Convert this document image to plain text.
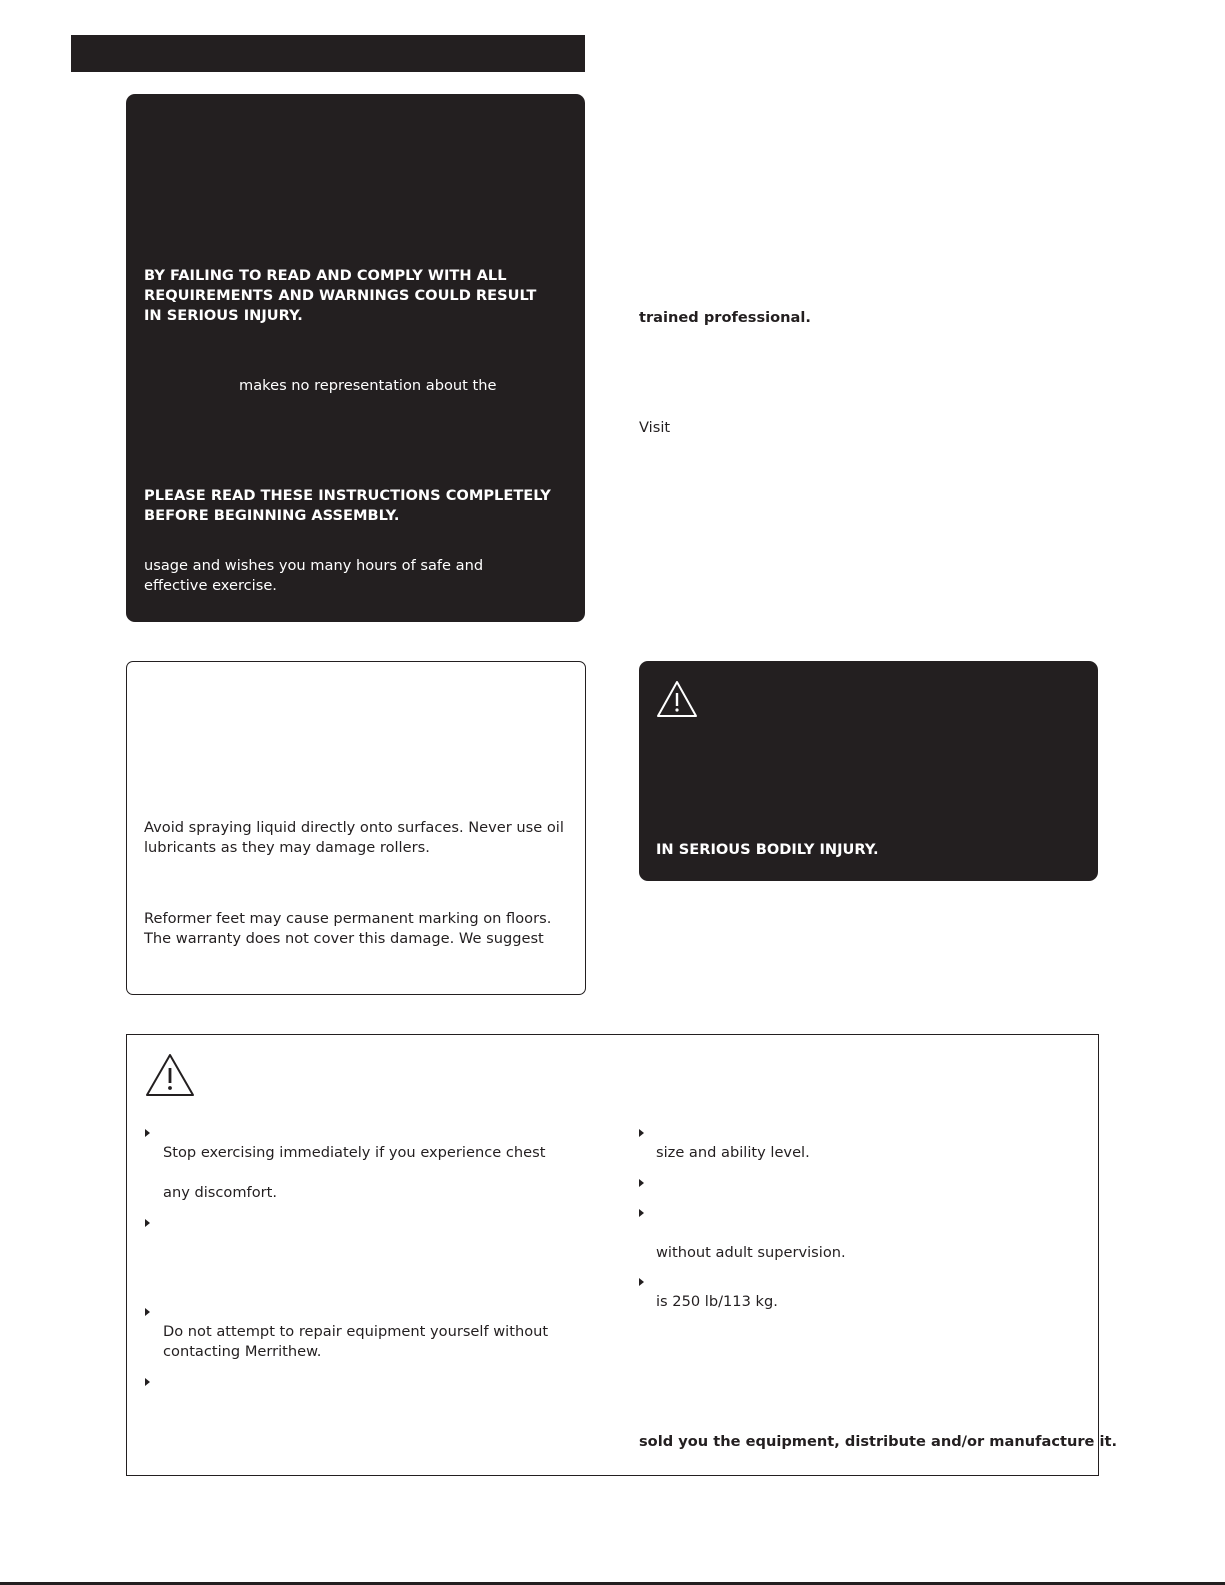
BY FAILING TO READ AND COMPLY WITH ALL

REQUIREMENTS AND WARNINGS COULD RESULT

IN SERIOUS INJURY.

makes no representation about the

PLEASE READ THESE INSTRUCTIONS COMPLETELY

BEFORE BEGINNING ASSEMBLY.

usage and wishes you many hours of safe and

effective exercise.

trained professional.

Visit

Avoid spraying liquid directly onto surfaces. Never use oil

lubricants as they may damage rollers.

Reformer feet may cause permanent marking on floors.

The warranty does not cover this damage. We suggest

IN SERIOUS BODILY INJURY.

Stop exercising immediately if you experience chest

any discomfort.

Do not attempt to repair equipment yourself without

contacting Merrithew.

size and ability level.

without adult supervision.

is 250 lb/113 kg.

sold you the equipment, distribute and/or manufacture it.
